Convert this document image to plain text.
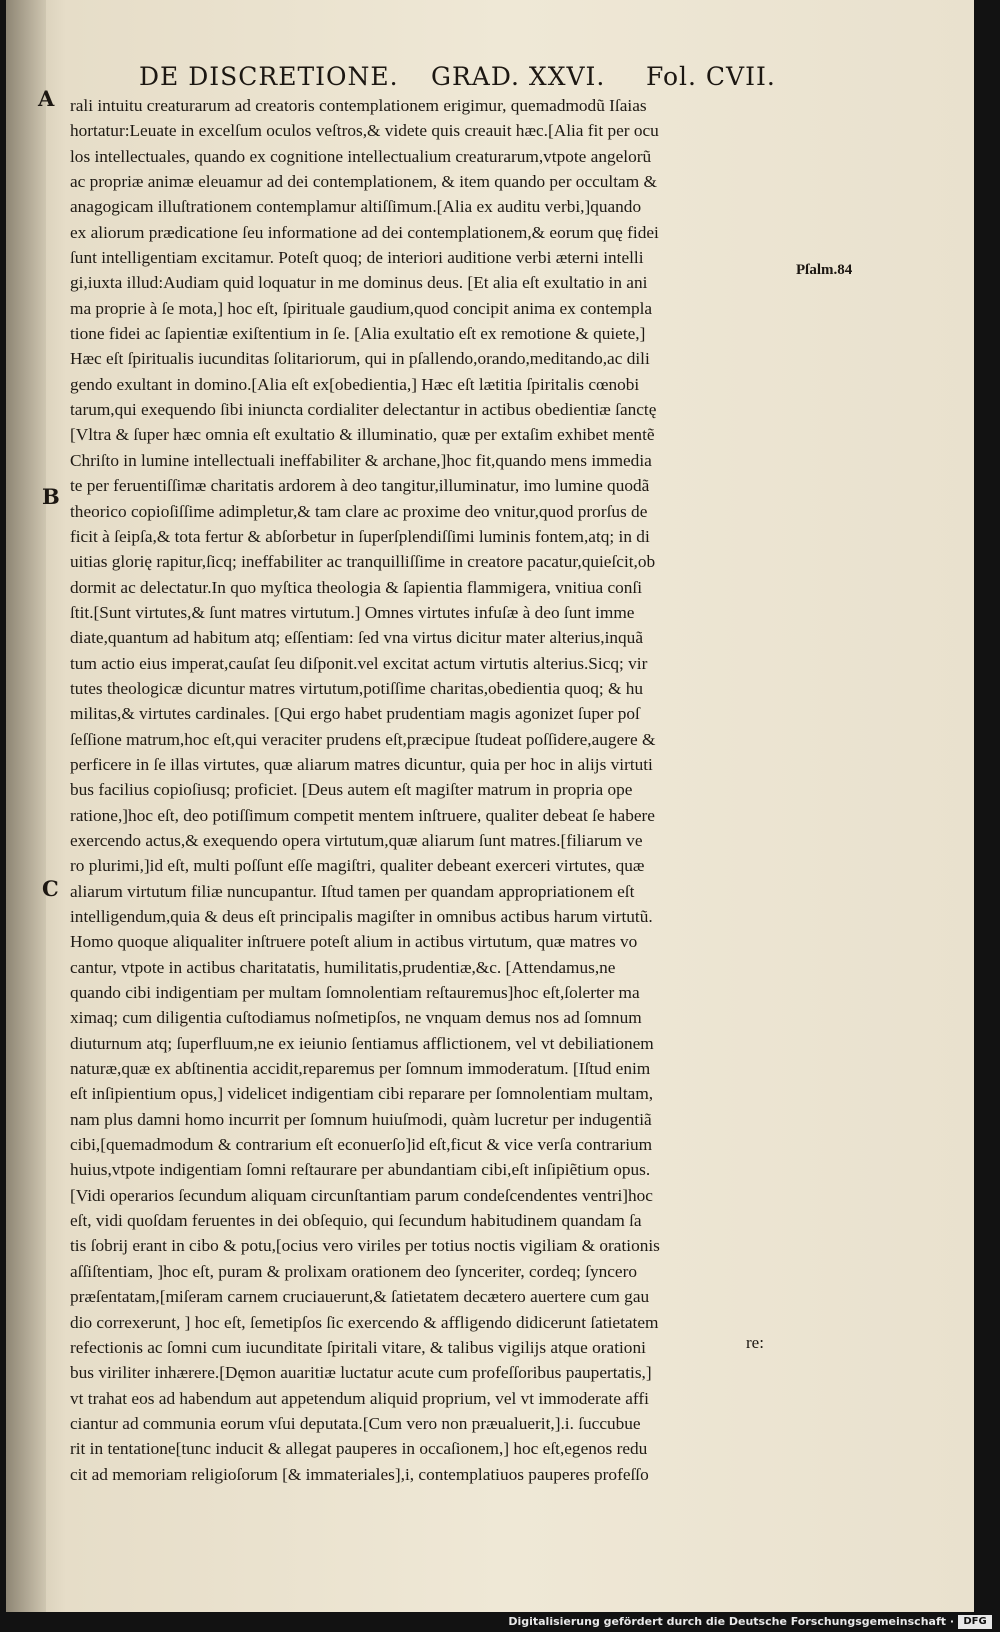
DE DISCRETIONE. GRAD. XXVI. Fol. CVII.
A
B
C
Pſalm.84
rali intuitu creaturarum ad creatoris contemplationem erigimur, quemadmodũ Iſaias
hortatur:Leuate in excelſum oculos veſtros,& videte quis creauit hæc.[Alia fit per ocu
los intellectuales, quando ex cognitione intellectualium creaturarum,vtpote angelorũ
ac propriæ animæ eleuamur ad dei contemplationem, & item quando per occultam &
anagogicam illuſtrationem contemplamur altiſſimum.[Alia ex auditu verbi,]quando
ex aliorum prædicatione ſeu informatione ad dei contemplationem,& eorum quę fidei
ſunt intelligentiam excitamur. Poteſt quoq; de interiori auditione verbi æterni intelli
gi,iuxta illud:Audiam quid loquatur in me dominus deus. [Et alia eſt exultatio in ani
ma proprie à ſe mota,] hoc eſt, ſpirituale gaudium,quod concipit anima ex contempla
tione fidei ac ſapientiæ exiſtentium in ſe. [Alia exultatio eſt ex remotione & quiete,]
Hæc eſt ſpiritualis iucunditas ſolitariorum, qui in pſallendo,orando,meditando,ac dili
gendo exultant in domino.[Alia eſt ex[obedientia,] Hæc eſt lætitia ſpiritalis cœnobi
tarum,qui exequendo ſibi iniuncta cordialiter delectantur in actibus obedientiæ ſanctę
[Vltra & ſuper hæc omnia eſt exultatio & illuminatio, quæ per extaſim exhibet mentẽ
Chriſto in lumine intellectuali ineffabiliter & archane,]hoc fit,quando mens immedia
te per feruentiſſimæ charitatis ardorem à deo tangitur,illuminatur, imo lumine quodã
theorico copioſiſſime adimpletur,& tam clare ac proxime deo vnitur,quod prorſus de
ficit à ſeipſa,& tota fertur & abſorbetur in ſuperſplendiſſimi luminis fontem,atq; in di
uitias glorię rapitur,ſicq; ineffabiliter ac tranquilliſſime in creatore pacatur,quieſcit,ob
dormit ac delectatur.In quo myſtica theologia & ſapientia flammigera, vnitiua conſi
ſtit.[Sunt virtutes,& ſunt matres virtutum.] Omnes virtutes infuſæ à deo ſunt imme
diate,quantum ad habitum atq; eſſentiam: ſed vna virtus dicitur mater alterius,inquã
tum actio eius imperat,cauſat ſeu diſponit.vel excitat actum virtutis alterius.Sicq; vir
tutes theologicæ dicuntur matres virtutum,potiſſime charitas,obedientia quoq; & hu
militas,& virtutes cardinales. [Qui ergo habet prudentiam magis agonizet ſuper poſ
ſeſſione matrum,hoc eſt,qui veraciter prudens eſt,præcipue ſtudeat poſſidere,augere &
perficere in ſe illas virtutes, quæ aliarum matres dicuntur, quia per hoc in alijs virtuti
bus facilius copioſiusq; proficiet. [Deus autem eſt magiſter matrum in propria ope
ratione,]hoc eſt, deo potiſſimum competit mentem inſtruere, qualiter debeat ſe habere
exercendo actus,& exequendo opera virtutum,quæ aliarum ſunt matres.[filiarum ve
ro plurimi,]id eſt, multi poſſunt eſſe magiſtri, qualiter debeant exerceri virtutes, quæ
aliarum virtutum filiæ nuncupantur. Iſtud tamen per quandam appropriationem eſt
intelligendum,quia & deus eſt principalis magiſter in omnibus actibus harum virtutũ.
Homo quoque aliqualiter inſtruere poteſt alium in actibus virtutum, quæ matres vo
cantur, vtpote in actibus charitatatis, humilitatis,prudentiæ,&c. [Attendamus,ne
quando cibi indigentiam per multam ſomnolentiam reſtauremus]hoc eſt,ſolerter ma
ximaq; cum diligentia cuſtodiamus noſmetipſos, ne vnquam demus nos ad ſomnum
diuturnum atq; ſuperfluum,ne ex ieiunio ſentiamus afflictionem, vel vt debiliationem
naturæ,quæ ex abſtinentia accidit,reparemus per ſomnum immoderatum. [Iſtud enim
eſt inſipientium opus,] videlicet indigentiam cibi reparare per ſomnolentiam multam,
nam plus damni homo incurrit per ſomnum huiuſmodi, quàm lucretur per indugentiã
cibi,[quemadmodum & contrarium eſt econuerſo]id eſt,ficut & vice verſa contrarium
huius,vtpote indigentiam ſomni reſtaurare per abundantiam cibi,eſt inſipiẽtium opus.
[Vidi operarios ſecundum aliquam circunſtantiam parum condeſcendentes ventri]hoc
eſt, vidi quoſdam feruentes in dei obſequio, qui ſecundum habitudinem quandam ſa
tis ſobrij erant in cibo & potu,[ocius vero viriles per totius noctis vigiliam & orationis
aſſiſtentiam, ]hoc eſt, puram & prolixam orationem deo ſynceriter, cordeq; ſyncero
præſentatam,[miſeram carnem cruciauerunt,& ſatietatem decætero auertere cum gau
dio correxerunt, ] hoc eſt, ſemetipſos ſic exercendo & affligendo didicerunt ſatietatem
refectionis ac ſomni cum iucunditate ſpiritali vitare, & talibus vigilijs atque orationi
bus viriliter inhærere.[Dęmon auaritiæ luctatur acute cum profeſſoribus paupertatis,]
vt trahat eos ad habendum aut appetendum aliquid proprium, vel vt immoderate affi
ciantur ad communia eorum vſui deputata.[Cum vero non præualuerit,].i. ſuccubue
rit in tentatione[tunc inducit & allegat pauperes in occaſionem,] hoc eſt,egenos redu
cit ad memoriam religioſorum [& immateriales],i, contemplatiuos pauperes profeſſo
re:
Digitalisierung gefördert durch die Deutsche Forschungsgemeinschaft · DFG
